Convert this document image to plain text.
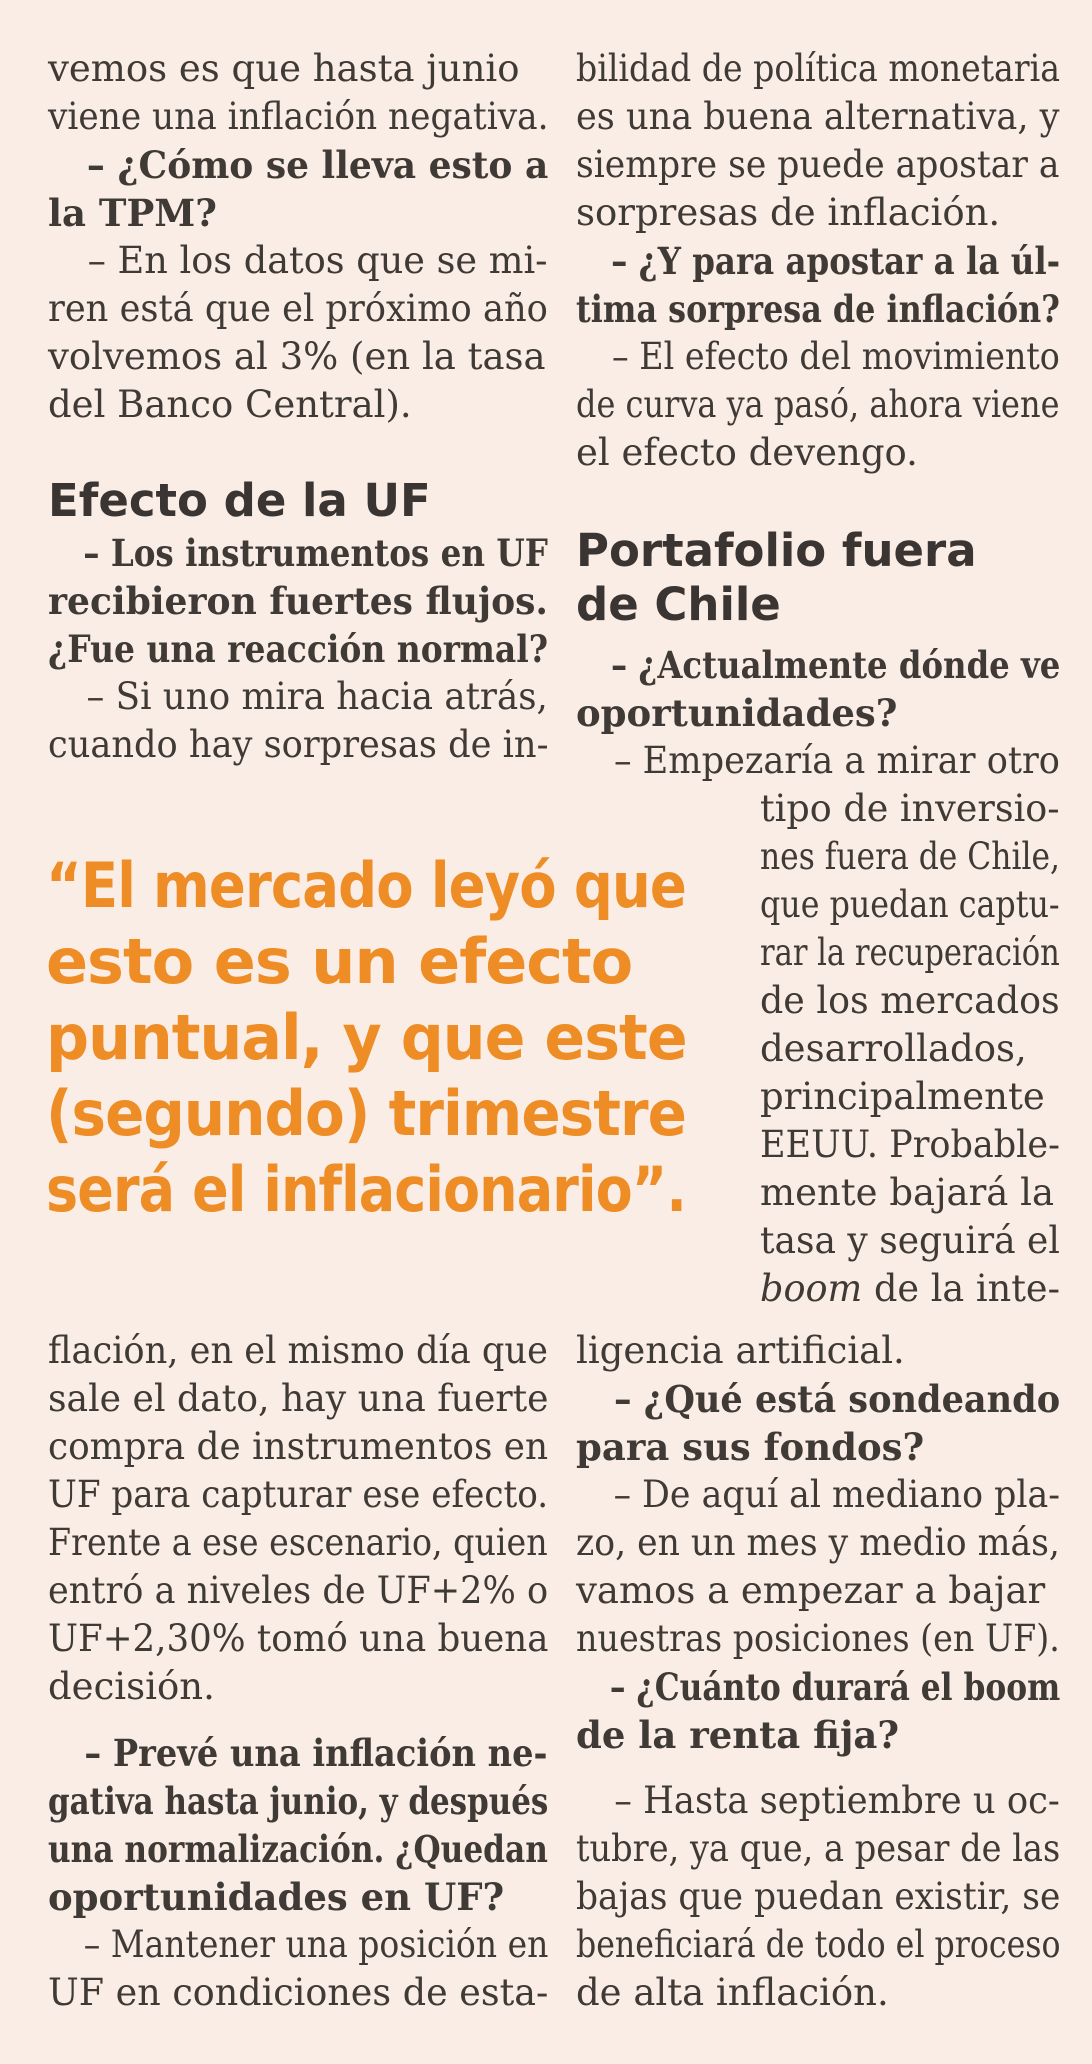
vemos es que hasta junio

viene una inflación negativa.

– ¿Cómo se lleva esto a

la TPM?

– En los datos que se mi-

ren está que el próximo año

volvemos al 3% (en la tasa

del Banco Central).

Efecto de la UF

– Los instrumentos en UF

recibieron fuertes flujos.

¿Fue una reacción normal?

– Si uno mira hacia atrás,

cuando hay sorpresas de in-

“El mercado leyó que

esto es un efecto

puntual, y que este

(segundo) trimestre

será el inflacionario”.

flación, en el mismo día que

sale el dato, hay una fuerte

compra de instrumentos en

UF para capturar ese efecto.

Frente a ese escenario, quien

entró a niveles de UF+2% o

UF+2,30% tomó una buena

decisión.

– Prevé una inflación ne-

gativa hasta junio, y después

una normalización. ¿Quedan

oportunidades en UF?

– Mantener una posición en

UF en condiciones de esta-

bilidad de política monetaria

es una buena alternativa, y

siempre se puede apostar a

sorpresas de inflación.

– ¿Y para apostar a la úl-

tima sorpresa de inflación?

– El efecto del movimiento

de curva ya pasó, ahora viene

el efecto devengo.

Portafolio fuera
de Chile

– ¿Actualmente dónde ve

oportunidades?

– Empezaría a mirar otro

tipo de inversio-

nes fuera de Chile,

que puedan captu-

rar la recuperación

de los mercados

desarrollados,

principalmente

EEUU. Probable-

mente bajará la

tasa y seguirá el

boom de la inte-

ligencia artificial.

– ¿Qué está sondeando

para sus fondos?

– De aquí al mediano pla-

zo, en un mes y medio más,

vamos a empezar a bajar

nuestras posiciones (en UF).

– ¿Cuánto durará el boom

de la renta fija?

– Hasta septiembre u oc-

tubre, ya que, a pesar de las

bajas que puedan existir, se

beneficiará de todo el proceso

de alta inflación.
